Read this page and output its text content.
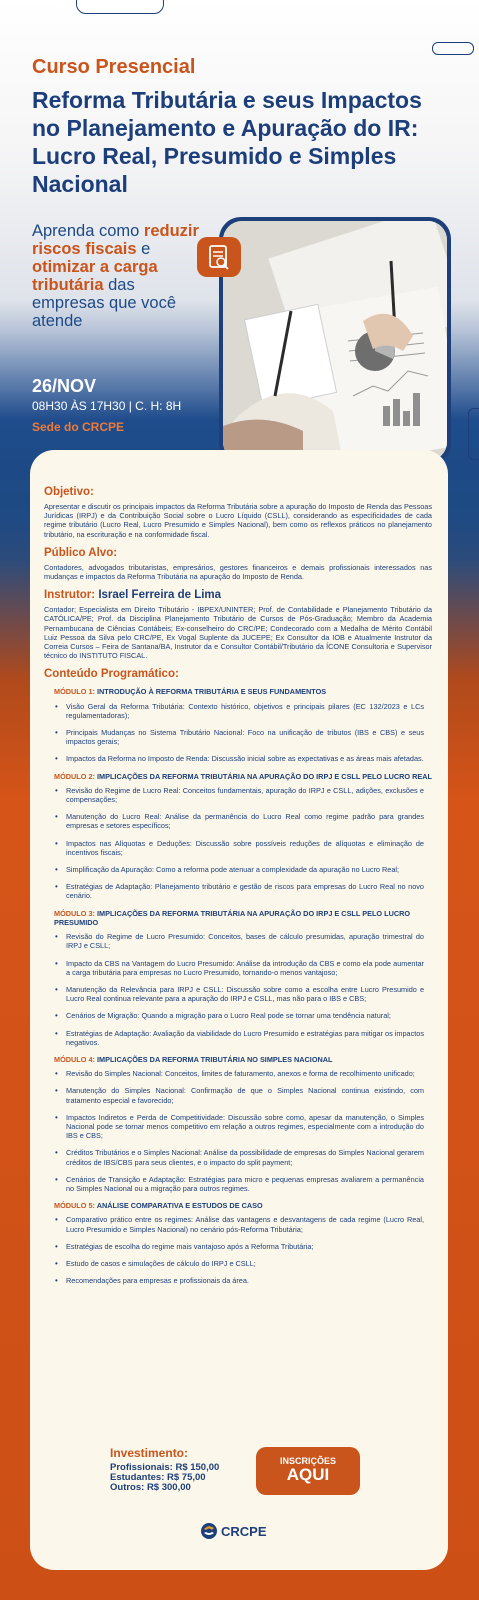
Curso Presencial
Reforma Tributária e seus Impactos no Planejamento e Apuração do IR: Lucro Real, Presumido e Simples Nacional
Aprenda como reduzir riscos fiscais e otimizar a carga tributária das empresas que você atende
26/NOV
08H30 ÀS 17H30 | C. H: 8H
Sede do CRCPE
Objetivo:
Apresentar e discutir os principais impactos da Reforma Tributária sobre a apuração do Imposto de Renda das Pessoas Jurídicas (IRPJ) e da Contribuição Social sobre o Lucro Líquido (CSLL), considerando as especificidades de cada regime tributário (Lucro Real, Lucro Presumido e Simples Nacional), bem como os reflexos práticos no planejamento tributário, na escrituração e na conformidade fiscal.
Público Alvo:
Contadores, advogados tributaristas, empresários, gestores financeiros e demais profissionais interessados nas mudanças e impactos da Reforma Tributária na apuração do Imposto de Renda.
Instrutor: Israel Ferreira de Lima
Contador; Especialista em Direito Tributário - IBPEX/UNINTER; Prof. de Contabilidade e Planejamento Tributário da CATÓLICA/PE; Prof. da Disciplina Planejamento Tributário de Cursos de Pós-Graduação; Membro da Academia Pernambucana de Ciências Contábeis; Ex-conselheiro do CRC/PE; Condecorado com a Medalha de Mérito Contábil Luiz Pessoa da Silva pelo CRC/PE, Ex Vogal Suplente da JUCEPE; Ex Consultor da IOB e Atualmente Instrutor da Correia Cursos – Feira de Santana/BA, Instrutor da e Consultor Contábil/Tributário da ÍCONE Consultoria e Supervisor técnico do INSTITUTO FISCAL.
Conteúdo Programático:
MÓDULO 1: INTRODUÇÃO À REFORMA TRIBUTÁRIA E SEUS FUNDAMENTOS
• Visão Geral da Reforma Tributária: Contexto histórico, objetivos e principais pilares (EC 132/2023 e LCs regulamentadoras);
• Principais Mudanças no Sistema Tributário Nacional: Foco na unificação de tributos (IBS e CBS) e seus impactos gerais;
• Impactos da Reforma no Imposto de Renda: Discussão inicial sobre as expectativas e as áreas mais afetadas.
MÓDULO 2: IMPLICAÇÕES DA REFORMA TRIBUTÁRIA NA APURAÇÃO DO IRPJ E CSLL PELO LUCRO REAL
• Revisão do Regime de Lucro Real: Conceitos fundamentais, apuração do IRPJ e CSLL, adições, exclusões e compensações;
• Manutenção do Lucro Real: Análise da permanência do Lucro Real como regime padrão para grandes empresas e setores específicos;
• Impactos nas Alíquotas e Deduções: Discussão sobre possíveis reduções de alíquotas e eliminação de incentivos fiscais;
• Simplificação da Apuração: Como a reforma pode atenuar a complexidade da apuração no Lucro Real;
• Estratégias de Adaptação: Planejamento tributário e gestão de riscos para empresas do Lucro Real no novo cenário.
MÓDULO 3: IMPLICAÇÕES DA REFORMA TRIBUTÁRIA NA APURAÇÃO DO IRPJ E CSLL PELO LUCRO PRESUMIDO
• Revisão do Regime de Lucro Presumido: Conceitos, bases de cálculo presumidas, apuração trimestral do IRPJ e CSLL;
• Impacto da CBS na Vantagem do Lucro Presumido: Análise da introdução da CBS e como ela pode aumentar a carga tributária para empresas no Lucro Presumido, tornando-o menos vantajoso;
• Manutenção da Relevância para IRPJ e CSLL: Discussão sobre como a escolha entre Lucro Presumido e Lucro Real continua relevante para a apuração do IRPJ e CSLL, mas não para o IBS e CBS;
• Cenários de Migração: Quando a migração para o Lucro Real pode se tornar uma tendência natural;
• Estratégias de Adaptação: Avaliação da viabilidade do Lucro Presumido e estratégias para mitigar os impactos negativos.
MÓDULO 4: IMPLICAÇÕES DA REFORMA TRIBUTÁRIA NO SIMPLES NACIONAL
• Revisão do Simples Nacional: Conceitos, limites de faturamento, anexos e forma de recolhimento unificado;
• Manutenção do Simples Nacional: Confirmação de que o Simples Nacional continua existindo, com tratamento especial e favorecido;
• Impactos Indiretos e Perda de Competitividade: Discussão sobre como, apesar da manutenção, o Simples Nacional pode se tornar menos competitivo em relação a outros regimes, especialmente com a introdução do IBS e CBS;
• Créditos Tributários e o Simples Nacional: Análise da possibilidade de empresas do Simples Nacional gerarem créditos de IBS/CBS para seus clientes, e o impacto do split payment;
• Cenários de Transição e Adaptação: Estratégias para micro e pequenas empresas avaliarem a permanência no Simples Nacional ou a migração para outros regimes.
MÓDULO 5: ANÁLISE COMPARATIVA E ESTUDOS DE CASO
• Comparativo prático entre os regimes: Análise das vantagens e desvantagens de cada regime (Lucro Real, Lucro Presumido e Simples Nacional) no cenário pós-Reforma Tributária;
• Estratégias de escolha do regime mais vantajoso após a Reforma Tributária;
• Estudo de casos e simulações de cálculo do IRPJ e CSLL;
• Recomendações para empresas e profissionais da área.
Investimento:
Profissionais: R$ 150,00
Estudantes: R$ 75,00
Outros: R$ 300,00
INSCRIÇÕES
AQUI
CRCPE
